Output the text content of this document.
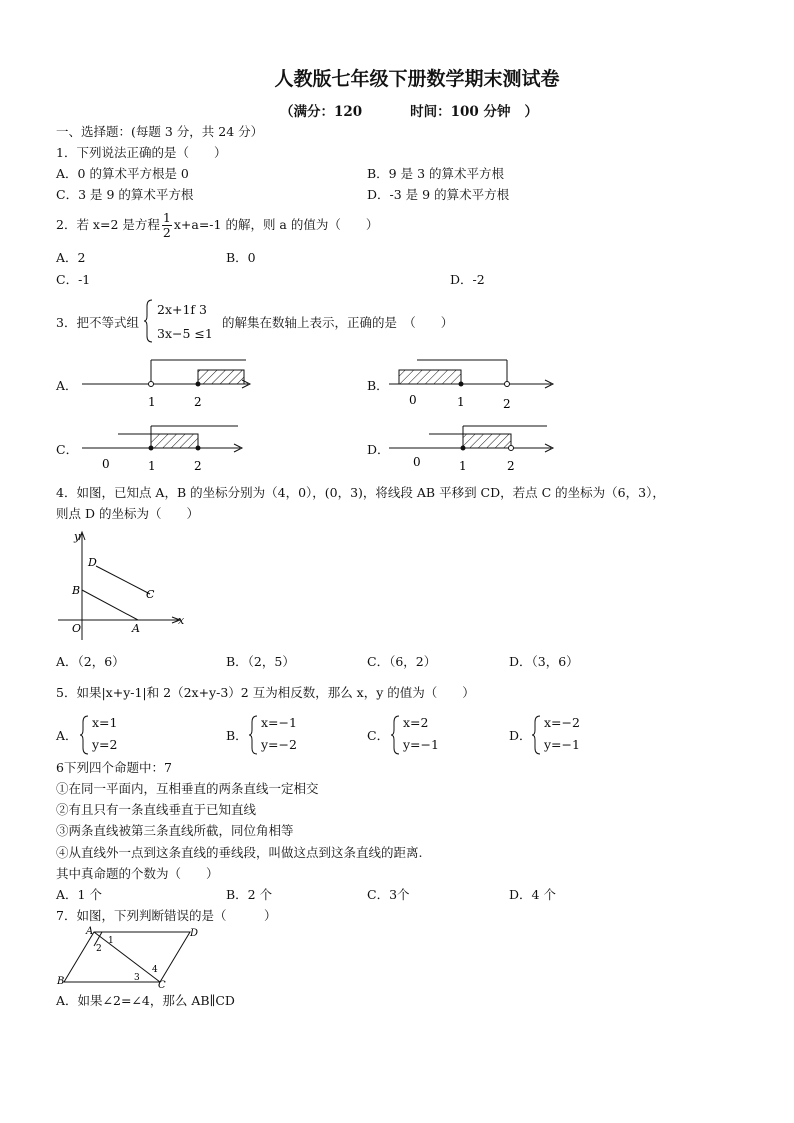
人教版七年级下册数学期末测试卷
（满分：120	时间：100 分钟 ）
一、选择题：(每题 3 分，共 24 分）
1．下列说法正确的是（　　）
A．0 的算术平方根是 0	B．9 是 3 的算术平方根
C．3 是 9 的算术平方根	D．-3 是 9 的算术平方根
2．若 x=2 是方程 $\frac{1}{2} x+a=-1$ 的解，则 a 的值为（　　）
A．2	B．0
C．-1	D．-2
3．把不等式组
2x+1f 3
3x−5 ≤1
的解集在数轴上表示，正确的是　（　　）
A．
1	2
B．
0	1	2
C．
0	1	2
D．
0	1	2
4．如图，已知点 A，B 的坐标分别为（4，0），(0，3)，将线段 AB 平移到 CD，若点 C 的坐标为（6，3），
则点 D 的坐标为（　　）
y
x
O	A
B	C
D
A．（2，6）	B．（2，5）	C．（6，2）	D．（3，6）
5．如果|x+y-1|和 2（2x+y-3）2 互为相反数，那么 x，y 的值为（　　）
A．
x=1
y=2
B．
x=−1
y=−2
C．
x=2
y=−1
D．
x=−2
y=−1
6下列四个命题中：7
①在同一平面内，互相垂直的两条直线一定相交
②有且只有一条直线垂直于已知直线
③两条直线被第三条直线所截，同位角相等
④从直线外一点到这条直线的垂线段，叫做这点到这条直线的距离.
其中真命题的个数为（　　）
A．1 个	B．2 个	C．3个	D．4 个
7．如图，下列判断错误的是（　　　）
A	D
B	C
1
2
3
4
A．如果∠2=∠4，那么 AB∥CD
